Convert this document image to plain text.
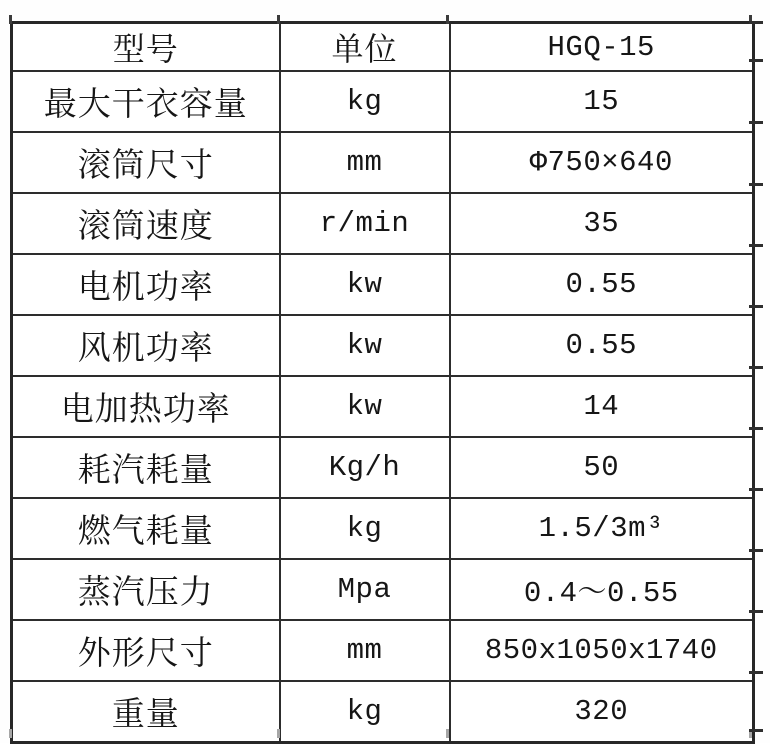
型号	单位	HGQ-15
最大干衣容量	kg	15
滚筒尺寸	mm	Φ750×640
滚筒速度	r/min	35
电机功率	kw	0.55
风机功率	kw	0.55
电加热功率	kw	14
耗汽耗量	Kg/h	50
燃气耗量	kg	1.5/3m³
蒸汽压力	Mpa	0.4～0.55
外形尺寸	mm	850x1050x1740
重量	kg	320
